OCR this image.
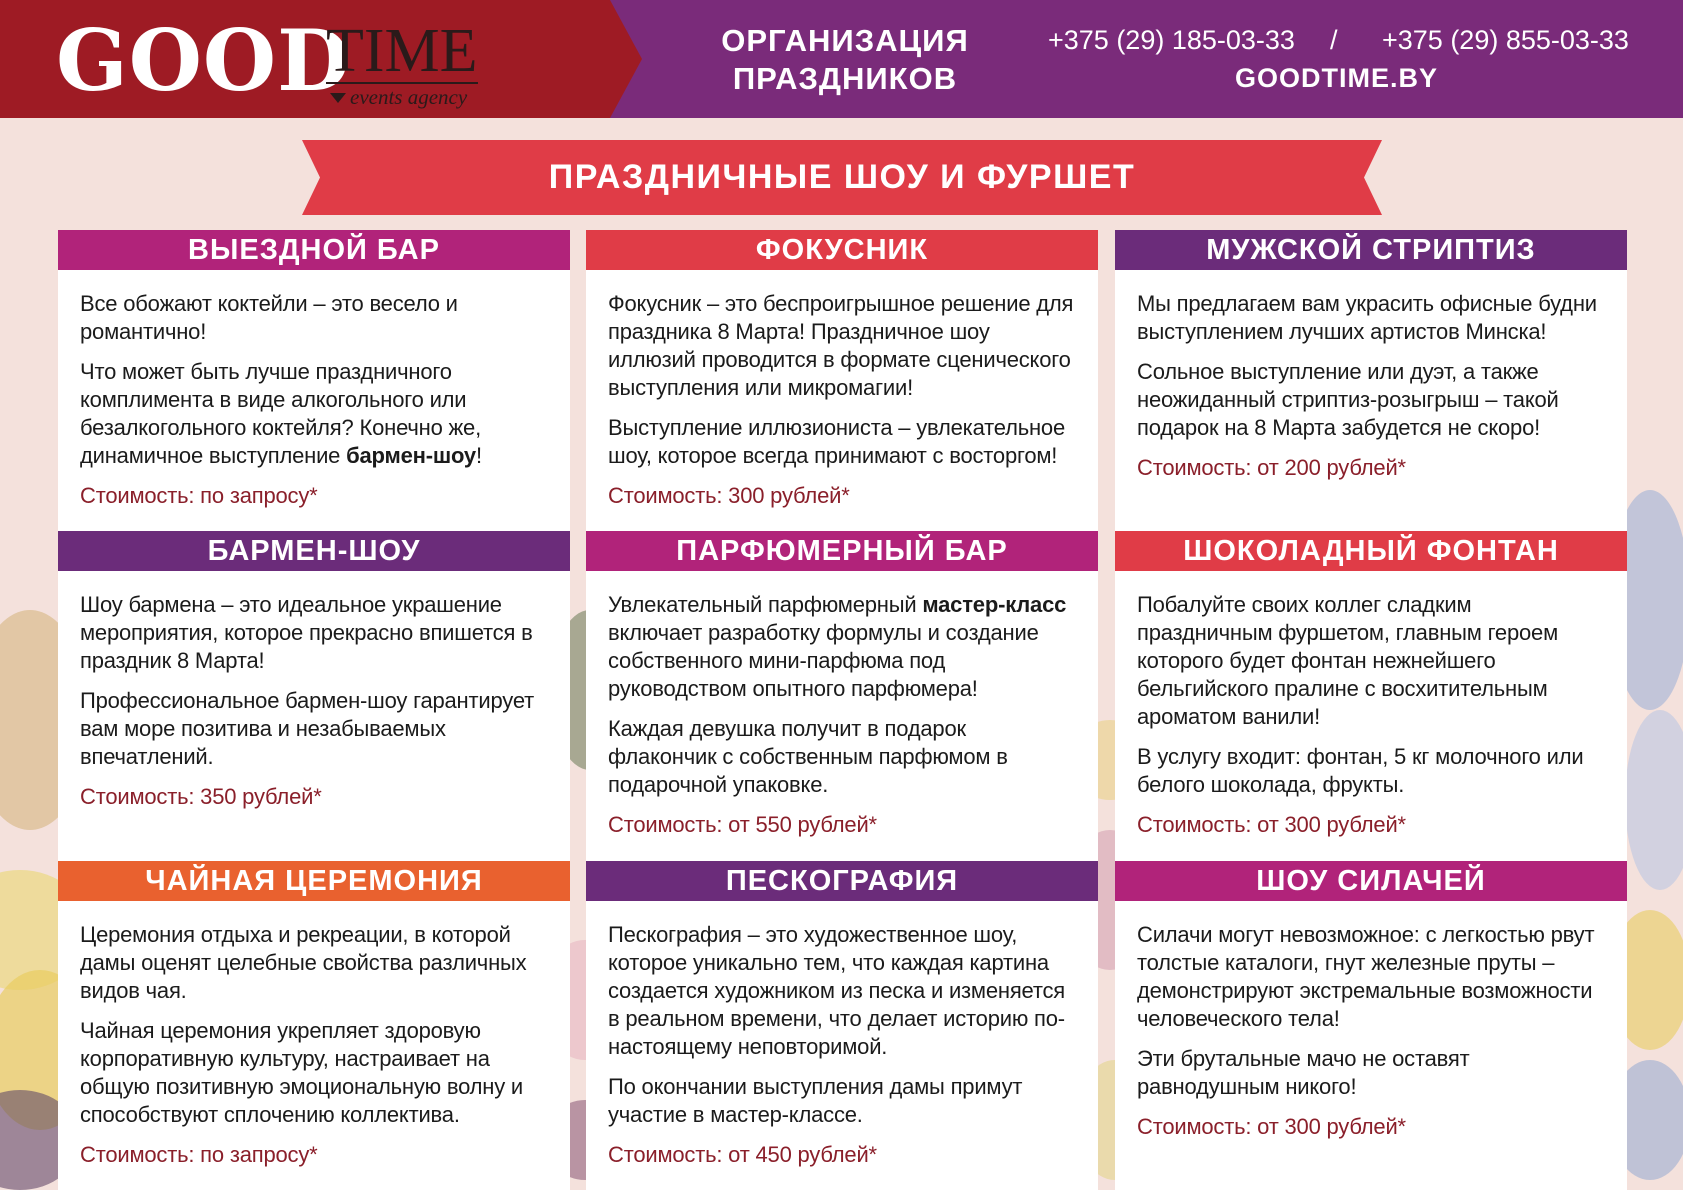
GOOD
TIME
events agency
ОРГАНИЗАЦИЯ
ПРАЗДНИКОВ
+375 (29) 185-03-33 / +375 (29) 855-03-33
GOODTIME.BY
ПРАЗДНИЧНЫЕ ШОУ И ФУРШЕТ
ВЫЕЗДНОЙ БАР

Все обожают коктейли – это весело и романтично!

Что может быть лучше праздничного комплимента в виде алкогольного или безалкогольного коктейля? Конечно же, динамичное выступление бармен-шоу!

Стоимость: по запросу*

ФОКУСНИК

Фокусник – это беспроигрышное решение для праздника 8 Марта! Праздничное шоу иллюзий проводится в формате сценического выступления или микромагии!

Выступление иллюзиониста – увлекательное шоу, которое всегда принимают с восторгом!

Стоимость: 300 рублей*

МУЖСКОЙ СТРИПТИЗ

Мы предлагаем вам украсить офисные будни выступлением лучших артистов Минска!

Сольное выступление или дуэт, а также неожиданный стриптиз-розыгрыш – такой подарок на 8 Марта забудется не скоро!

Стоимость: от 200 рублей*

БАРМЕН-ШОУ

Шоу бармена – это идеальное украшение мероприятия, которое прекрасно впишется в праздник 8 Марта!

Профессиональное бармен-шоу гарантирует вам море позитива и незабываемых впечатлений.

Стоимость: 350 рублей*

ПАРФЮМЕРНЫЙ БАР

Увлекательный парфюмерный мастер-класс включает разработку формулы и создание собственного мини-парфюма под руководством опытного парфюмера!

Каждая девушка получит в подарок флакончик с собственным парфюмом в подарочной упаковке.

Стоимость: от 550 рублей*

ШОКОЛАДНЫЙ ФОНТАН

Побалуйте своих коллег сладким праздничным фуршетом, главным героем которого будет фонтан нежнейшего бельгийского пралине с восхитительным ароматом ванили!

В услугу входит: фонтан, 5 кг молочного или белого шоколада, фрукты.

Стоимость: от 300 рублей*

ЧАЙНАЯ ЦЕРЕМОНИЯ

Церемония отдыха и рекреации, в которой дамы оценят целебные свойства различных видов чая.

Чайная церемония укрепляет здоровую корпоративную культуру, настраивает на общую позитивную эмоциональную волну и способствуют сплочению коллектива.

Стоимость: по запросу*

ПЕСКОГРАФИЯ

Пескография – это художественное шоу, которое уникально тем, что каждая картина создается художником из песка и изменяется в реальном времени, что делает историю по-настоящему неповторимой.

По окончании выступления дамы примут участие в мастер-классе.

Стоимость: от 450 рублей*

ШОУ СИЛАЧЕЙ

Силачи могут невозможное: с легкостью рвут толстые каталоги, гнут железные пруты – демонстрируют экстремальные возможности человеческого тела!

Эти брутальные мачо не оставят равнодушным никого!

Стоимость: от 300 рублей*
